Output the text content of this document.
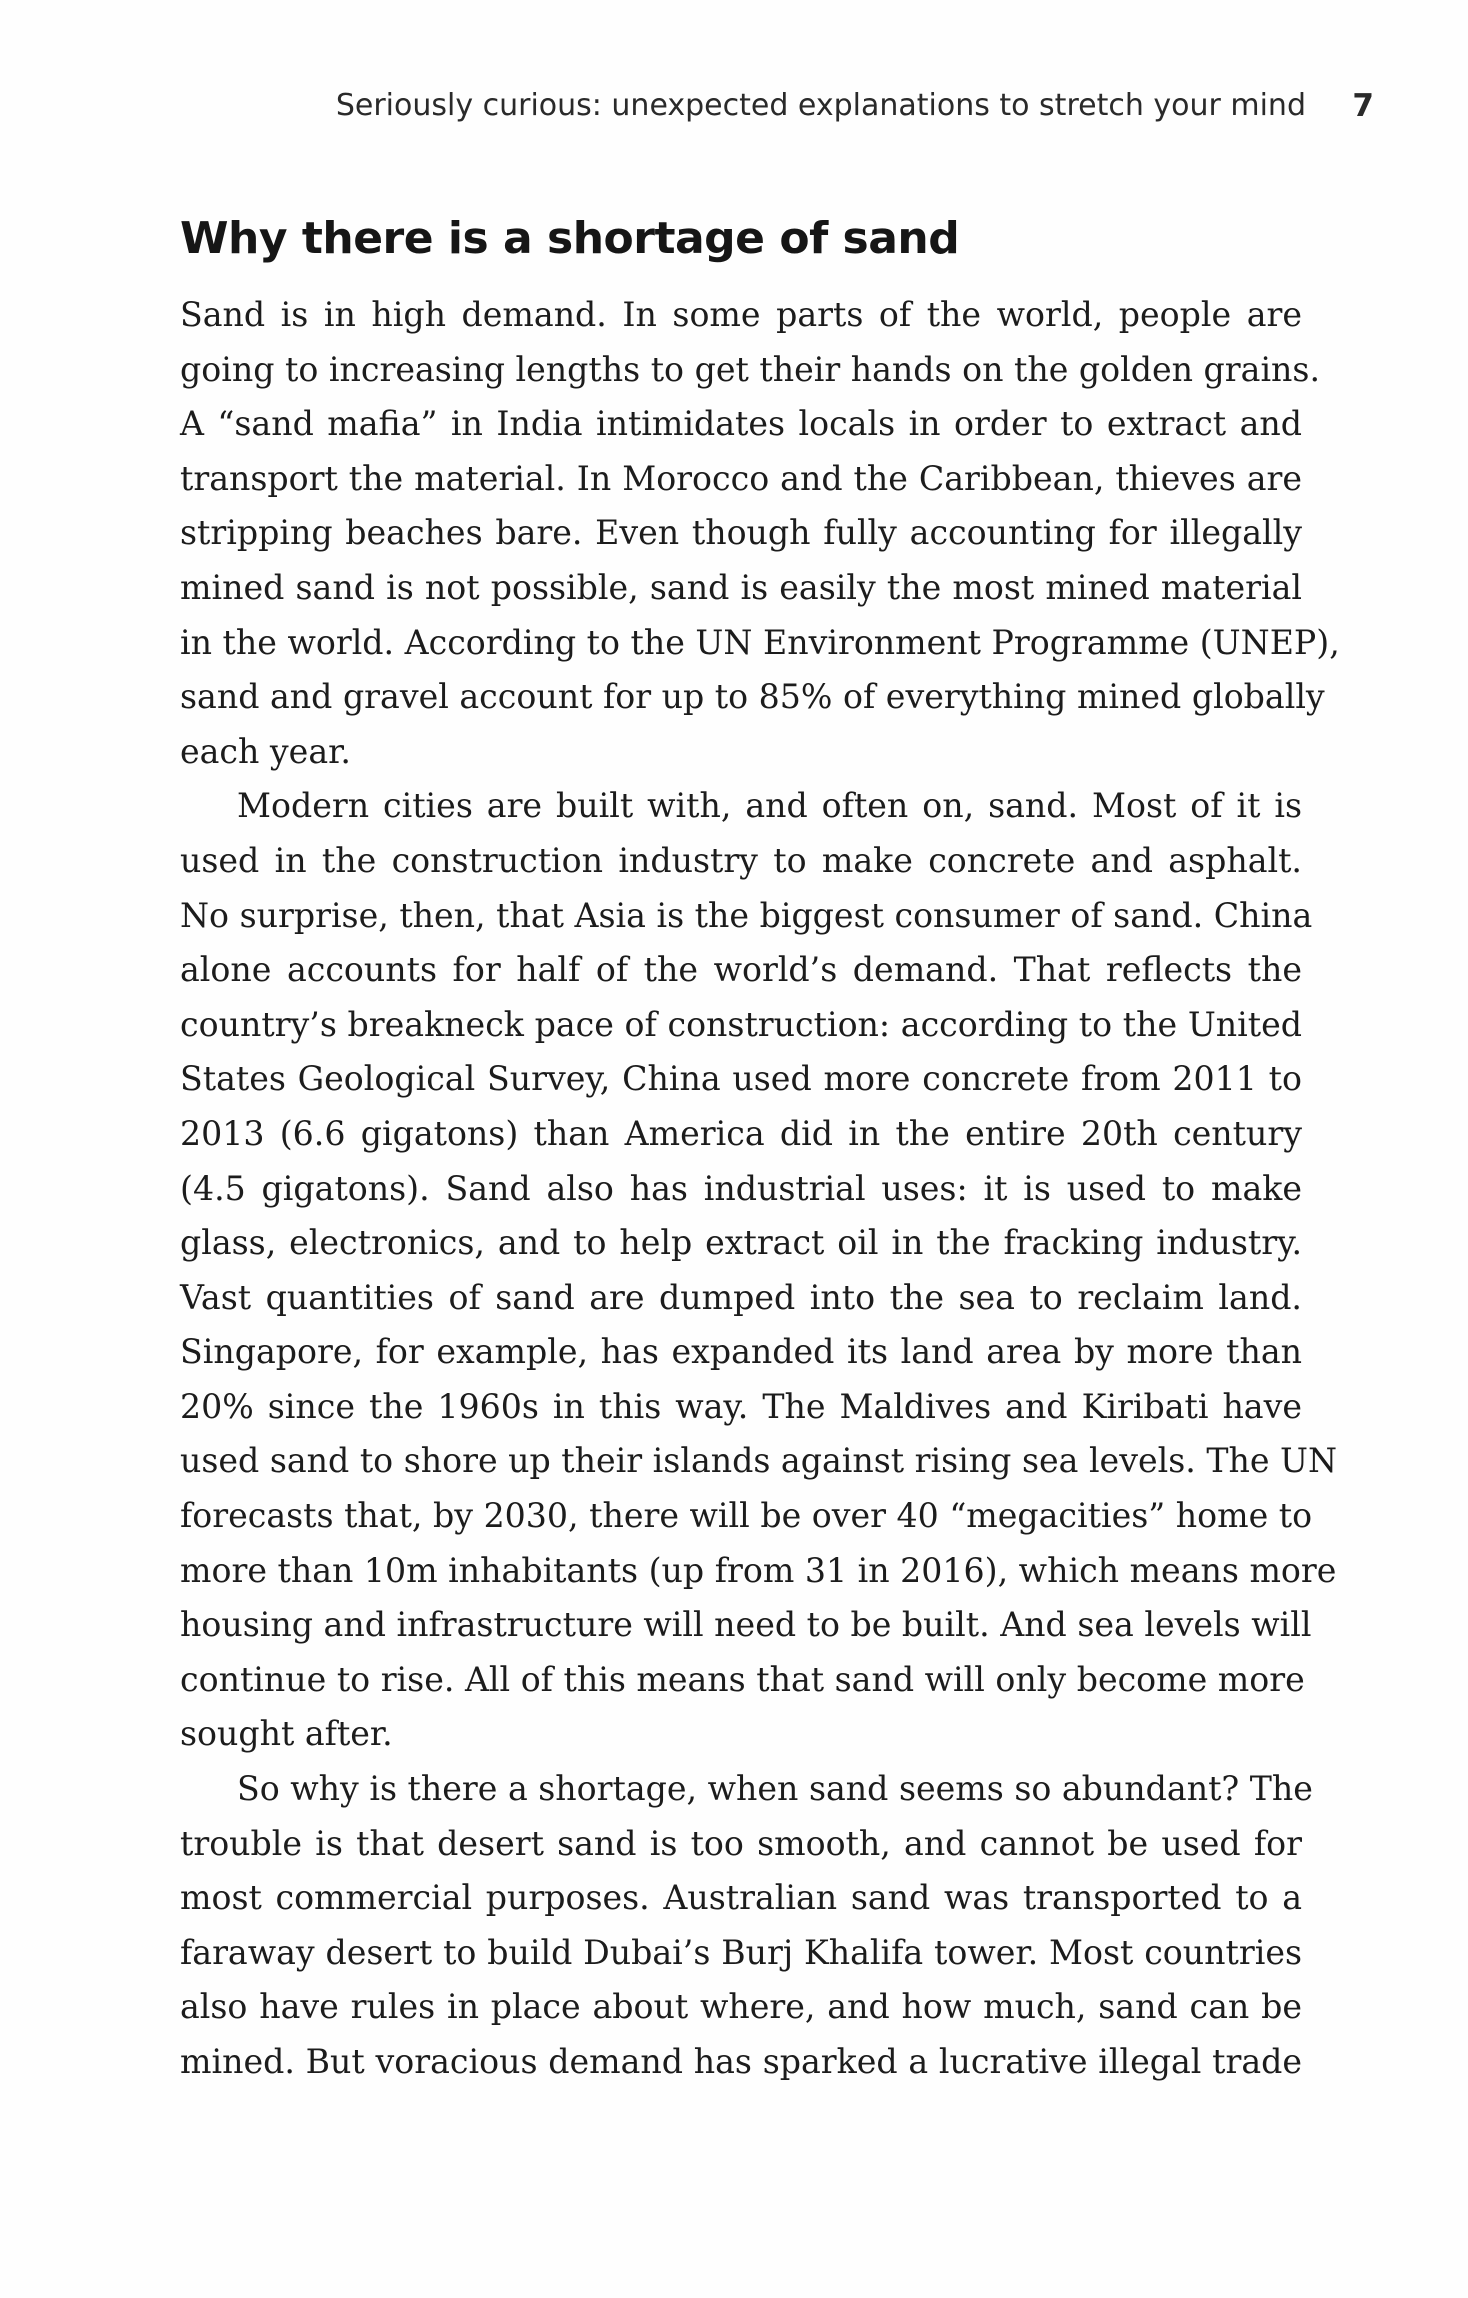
Seriously curious: unexpected explanations to stretch your mind 7
Why there is a shortage of sand
Sand is in high demand. In some parts of the world, people are
going to increasing lengths to get their hands on the golden grains.
A “sand mafia” in India intimidates locals in order to extract and
transport the material. In Morocco and the Caribbean, thieves are
stripping beaches bare. Even though fully accounting for illegally
mined sand is not possible, sand is easily the most mined material
in the world. According to the UN Environment Programme (UNEP),
sand and gravel account for up to 85% of everything mined globally
each year.
Modern cities are built with, and often on, sand. Most of it is
used in the construction industry to make concrete and asphalt.
No surprise, then, that Asia is the biggest consumer of sand. China
alone accounts for half of the world’s demand. That reflects the
country’s breakneck pace of construction: according to the United
States Geological Survey, China used more concrete from 2011 to
2013 (6.6 gigatons) than America did in the entire 20th century
(4.5 gigatons). Sand also has industrial uses: it is used to make
glass, electronics, and to help extract oil in the fracking industry.
Vast quantities of sand are dumped into the sea to reclaim land.
Singapore, for example, has expanded its land area by more than
20% since the 1960s in this way. The Maldives and Kiribati have
used sand to shore up their islands against rising sea levels. The UN
forecasts that, by 2030, there will be over 40 “megacities” home to
more than 10m inhabitants (up from 31 in 2016), which means more
housing and infrastructure will need to be built. And sea levels will
continue to rise. All of this means that sand will only become more
sought after.
So why is there a shortage, when sand seems so abundant? The
trouble is that desert sand is too smooth, and cannot be used for
most commercial purposes. Australian sand was transported to a
faraway desert to build Dubai’s Burj Khalifa tower. Most countries
also have rules in place about where, and how much, sand can be
mined. But voracious demand has sparked a lucrative illegal trade
